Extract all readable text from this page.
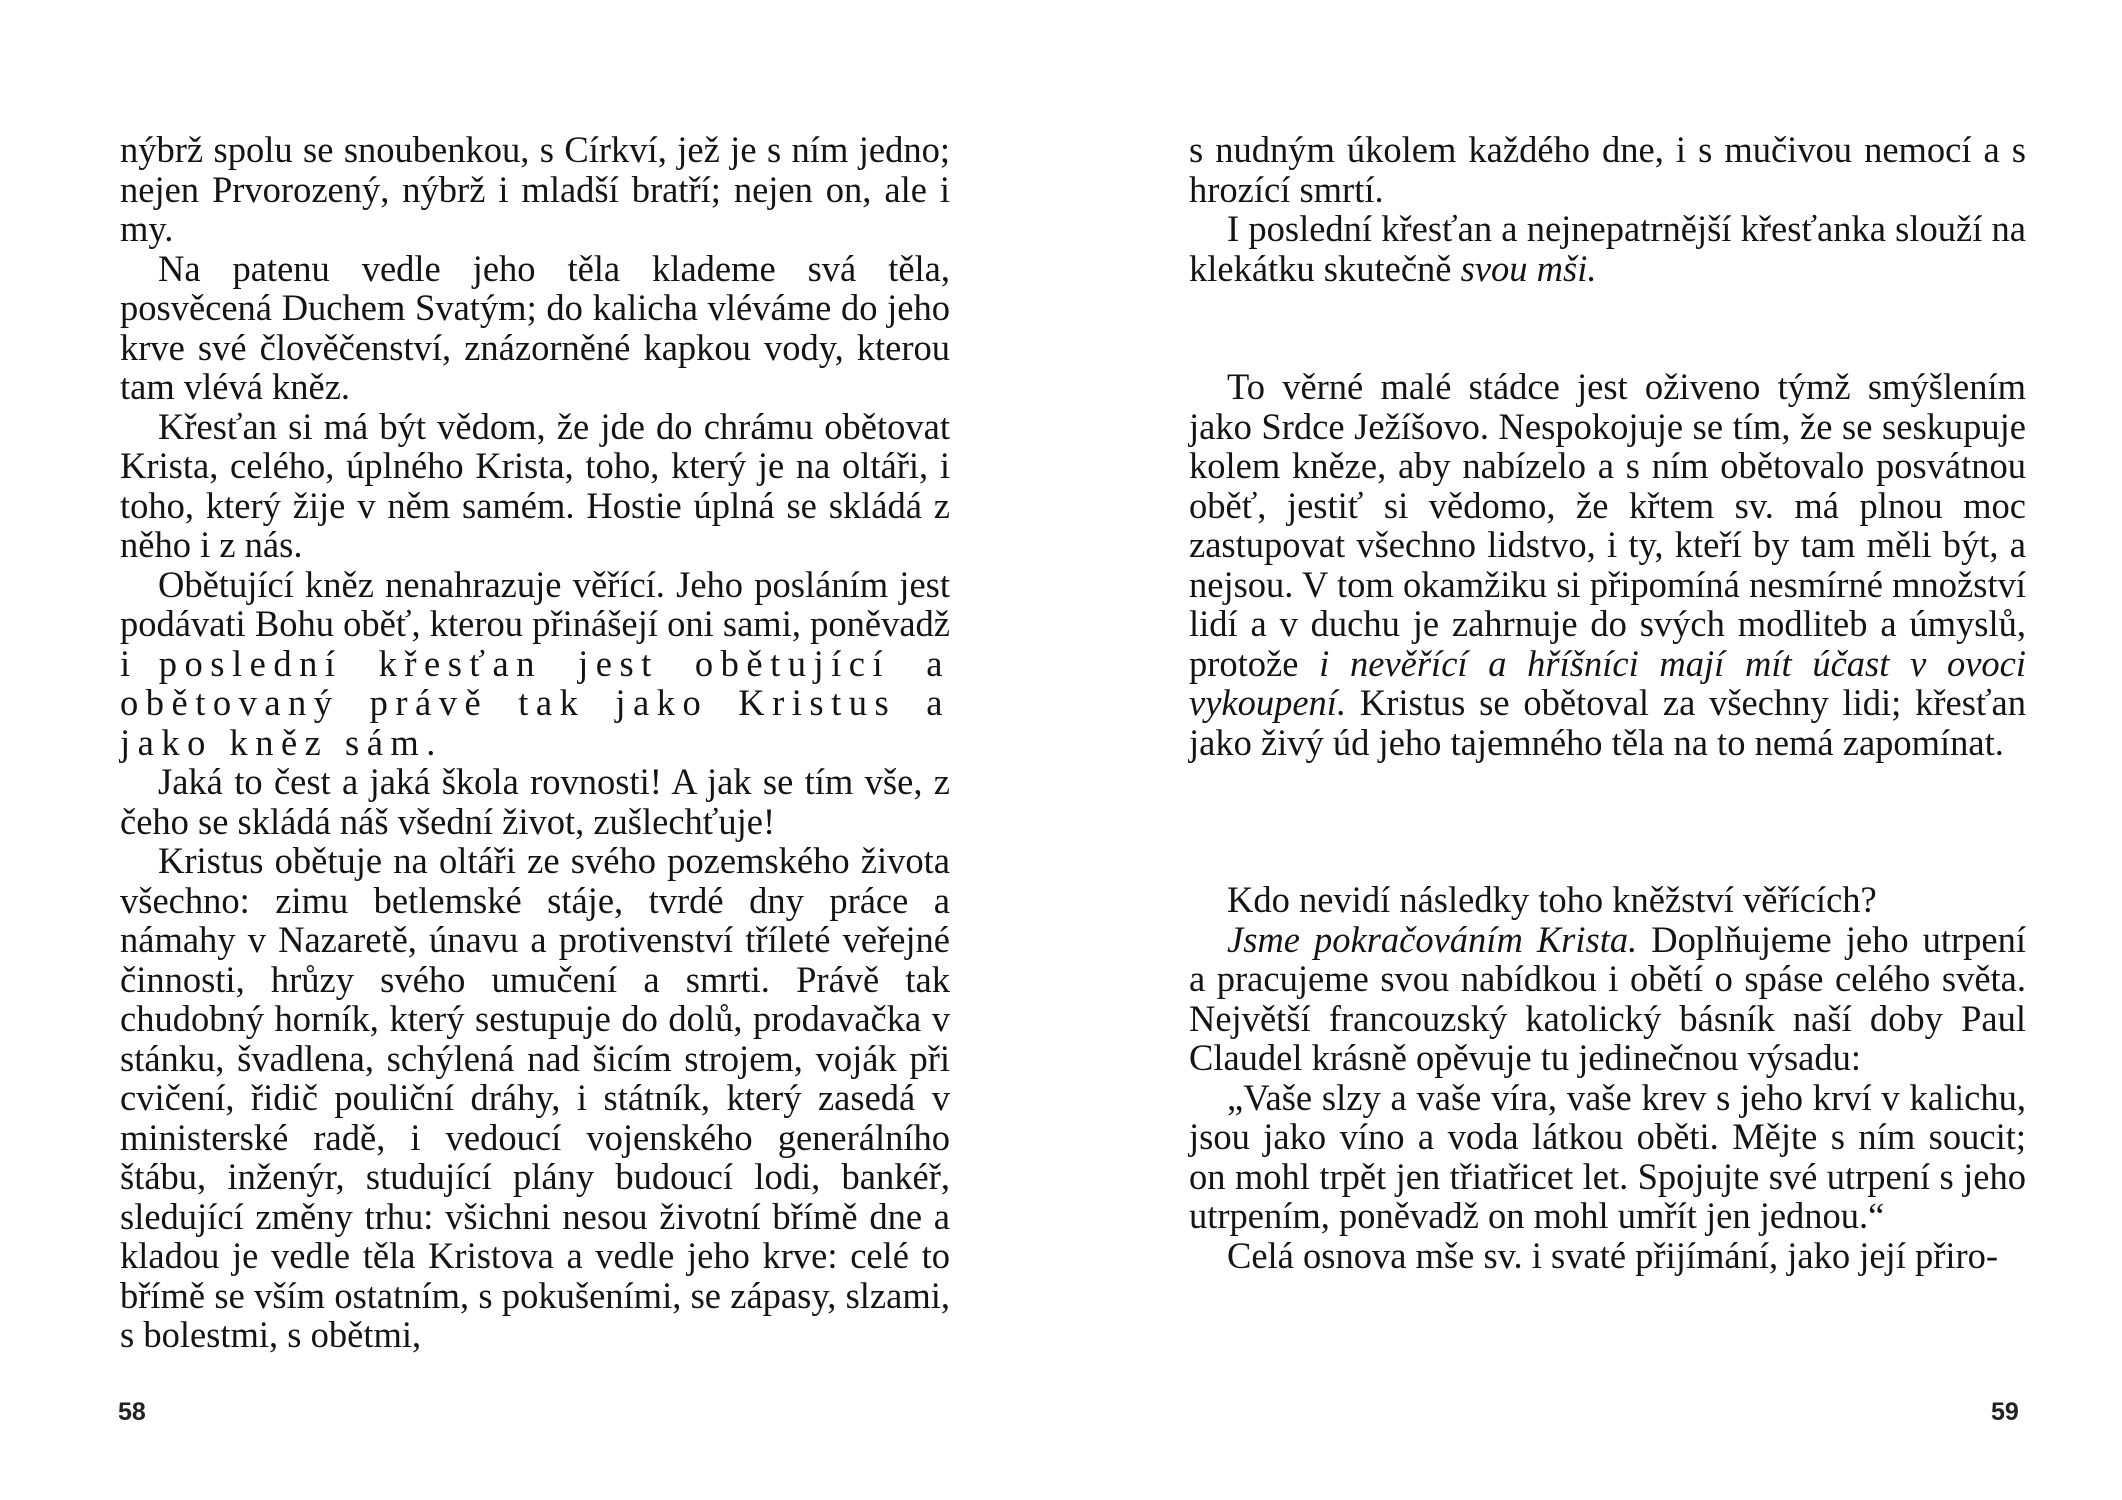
nýbrž spolu se snoubenkou, s Církví, jež je s ním jedno; nejen Prvorozený, nýbrž i mladší bratří; nejen on, ale i my.

Na patenu vedle jeho těla klademe svá těla, posvěcená Duchem Svatým; do kalicha vléváme do jeho krve své člověčenství, znázorněné kapkou vody, kterou tam vlévá kněz.

Křesťan si má být vědom, že jde do chrámu obětovat Krista, celého, úplného Krista, toho, který je na oltáři, i toho, který žije v něm samém. Hostie úplná se skládá z něho i z nás.

Obětující kněz nenahrazuje věřící. Jeho posláním jest podávati Bohu oběť, kterou přinášejí oni sami, poněvadž i poslední křesťan jest obětující a obětovaný právě tak jako Kristus a jako kněz sám.

Jaká to čest a jaká škola rovnosti! A jak se tím vše, z čeho se skládá náš všední život, zušlechťuje!

Kristus obětuje na oltáři ze svého pozemského života všechno: zimu betlemské stáje, tvrdé dny práce a námahy v Nazaretě, únavu a protivenství tříleté veřejné činnosti, hrůzy svého umučení a smrti. Právě tak chudobný horník, který sestupuje do dolů, prodavačka v stánku, švadlena, schýlená nad šicím strojem, voják při cvičení, řidič pouliční dráhy, i státník, který zasedá v ministerské radě, i vedoucí vojenského generálního štábu, inženýr, studující plány budoucí lodi, bankéř, sledující změny trhu: všichni nesou životní břímě dne a kladou je vedle těla Kristova a vedle jeho krve: celé to břímě se vším ostatním, s pokušeními, se zápasy, slzami, s bolestmi, s obětmi,

58

s nudným úkolem každého dne, i s mučivou nemocí a s hrozící smrtí.

I poslední křesťan a nejnepatrnější křesťanka slouží na klekátku skutečně svou mši.

To věrné malé stádce jest oživeno týmž smýšlením jako Srdce Ježíšovo. Nespokojuje se tím, že se seskupuje kolem kněze, aby nabízelo a s ním obětovalo posvátnou oběť, jestiť si vědomo, že křtem sv. má plnou moc zastupovat všechno lidstvo, i ty, kteří by tam měli být, a nejsou. V tom okamžiku si připomíná nesmírné množství lidí a v duchu je zahrnuje do svých modliteb a úmyslů, protože i nevěřící a hříšníci mají mít účast v ovoci vykoupení. Kristus se obětoval za všechny lidi; křesťan jako živý úd jeho tajemného těla na to nemá zapomínat.

Kdo nevidí následky toho kněžství věřících?

Jsme pokračováním Krista. Doplňujeme jeho utrpení a pracujeme svou nabídkou i obětí o spáse celého světa. Největší francouzský katolický básník naší doby Paul Claudel krásně opěvuje tu jedinečnou výsadu:

„Vaše slzy a vaše víra, vaše krev s jeho krví v kalichu, jsou jako víno a voda látkou oběti. Mějte s ním soucit; on mohl trpět jen třiatřicet let. Spojujte své utrpení s jeho utrpením, poněvadž on mohl umřít jen jednou.“

Celá osnova mše sv. i svaté přijímání, jako její přiro-

59
